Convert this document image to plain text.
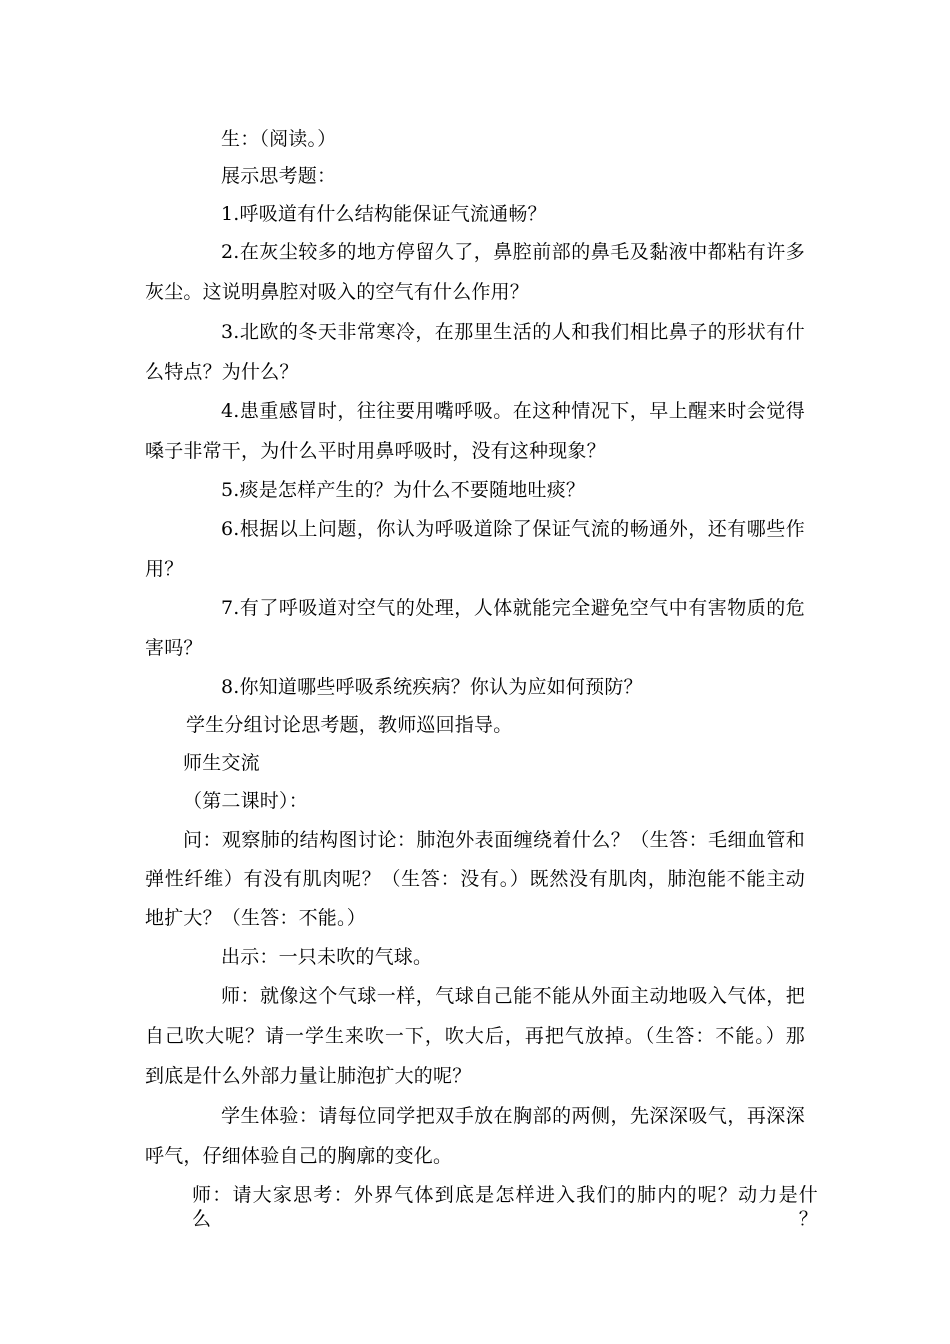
生：（阅读。）
展示思考题：
1.呼吸道有什么结构能保证气流通畅？
2.在灰尘较多的地方停留久了，鼻腔前部的鼻毛及黏液中都粘有许多
灰尘。这说明鼻腔对吸入的空气有什么作用？
3.北欧的冬天非常寒冷，在那里生活的人和我们相比鼻子的形状有什
么特点？为什么？
4.患重感冒时，往往要用嘴呼吸。在这种情况下，早上醒来时会觉得
嗓子非常干，为什么平时用鼻呼吸时，没有这种现象？
5.痰是怎样产生的？为什么不要随地吐痰？
6.根据以上问题，你认为呼吸道除了保证气流的畅通外，还有哪些作
用？
7.有了呼吸道对空气的处理，人体就能完全避免空气中有害物质的危
害吗？
8.你知道哪些呼吸系统疾病？你认为应如何预防？
学生分组讨论思考题，教师巡回指导。
师生交流
（第二课时）：
问：观察肺的结构图讨论：肺泡外表面缠绕着什么？（生答：毛细血管和
弹性纤维）有没有肌肉呢？（生答：没有。）既然没有肌肉，肺泡能不能主动
地扩大？（生答：不能。）
出示：一只未吹的气球。
师：就像这个气球一样，气球自己能不能从外面主动地吸入气体，把
自己吹大呢？请一学生来吹一下，吹大后，再把气放掉。（生答：不能。）那
到底是什么外部力量让肺泡扩大的呢？
学生体验：请每位同学把双手放在胸部的两侧，先深深吸气，再深深
呼气，仔细体验自己的胸廓的变化。
师：请大家思考：外界气体到底是怎样进入我们的肺内的呢？动力是什么？
